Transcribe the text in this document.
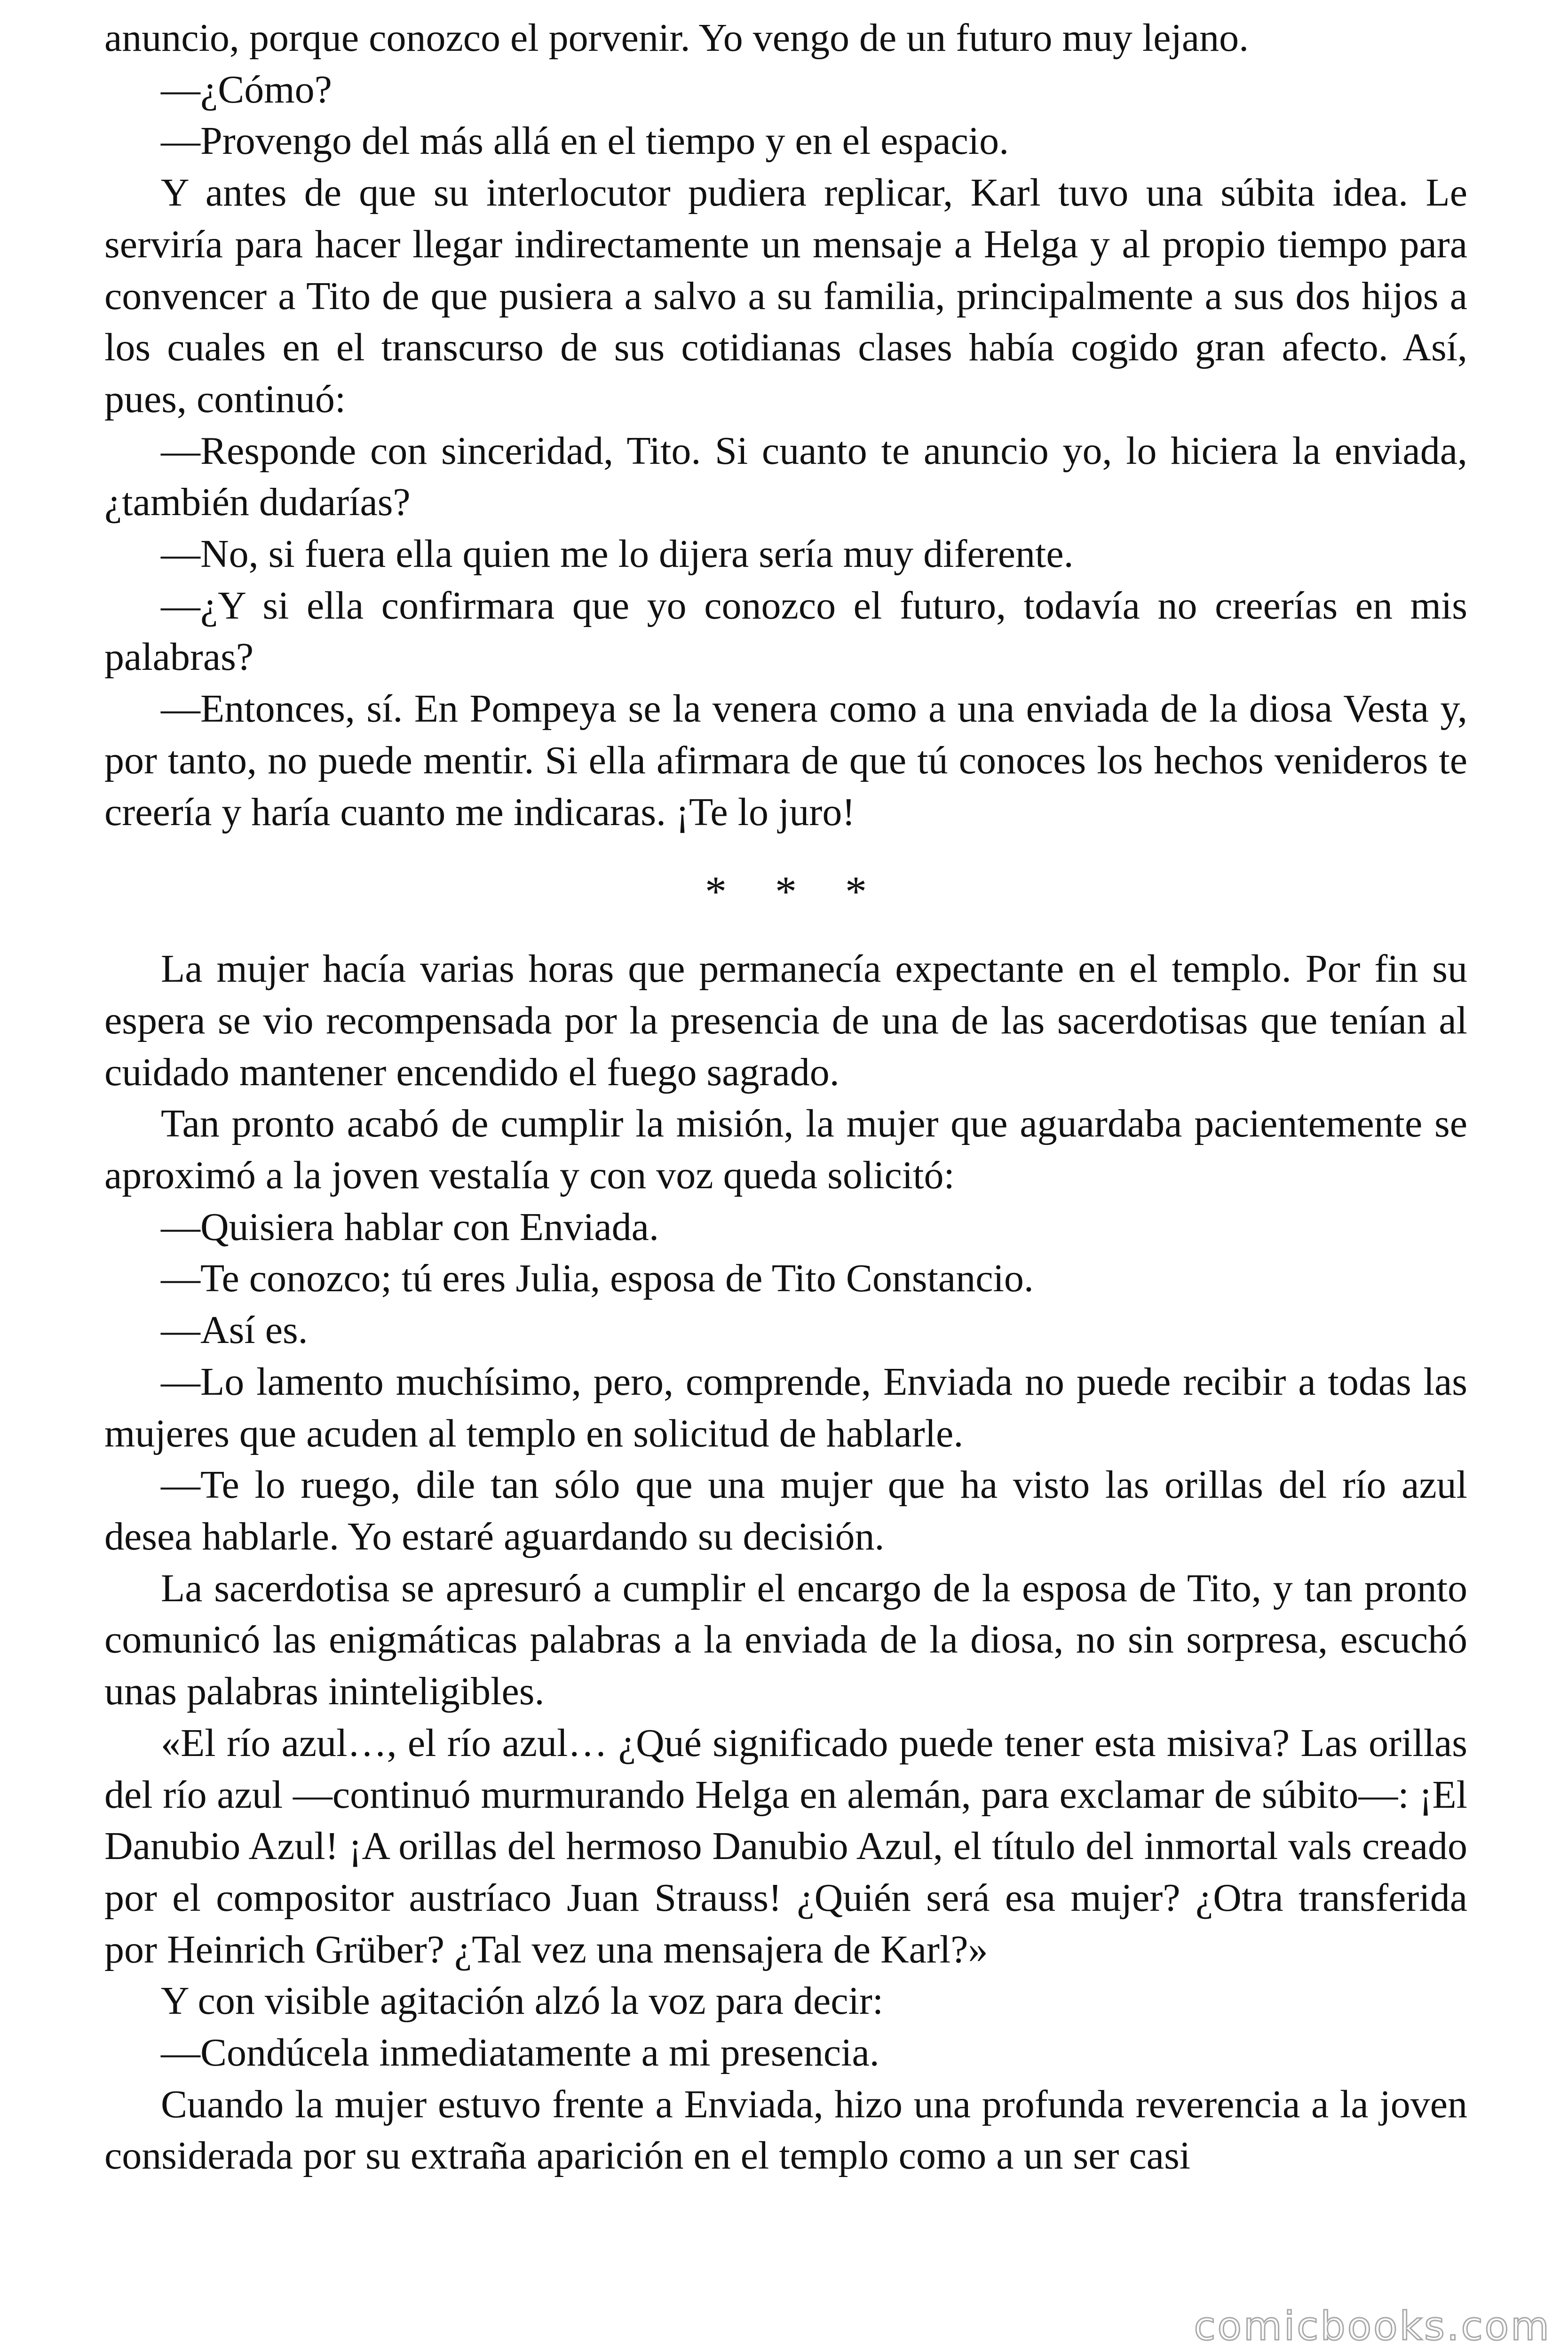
anuncio, porque conozco el porvenir. Yo vengo de un futuro muy lejano.

—¿Cómo?

—Provengo del más allá en el tiempo y en el espacio.

Y antes de que su interlocutor pudiera replicar, Karl tuvo una súbita idea. Le serviría para hacer llegar indirectamente un mensaje a Helga y al propio tiempo para convencer a Tito de que pusiera a salvo a su familia, principalmente a sus dos hijos a los cuales en el transcurso de sus cotidianas clases había cogido gran afecto. Así, pues, continuó:

—Responde con sinceridad, Tito. Si cuanto te anuncio yo, lo hiciera la enviada, ¿también dudarías?

—No, si fuera ella quien me lo dijera sería muy diferente.

—¿Y si ella confirmara que yo conozco el futuro, todavía no creerías en mis palabras?

—Entonces, sí. En Pompeya se la venera como a una enviada de la diosa Vesta y, por tanto, no puede mentir. Si ella afirmara de que tú conoces los hechos venideros te creería y haría cuanto me indicaras. ¡Te lo juro!

* * *

La mujer hacía varias horas que permanecía expectante en el templo. Por fin su espera se vio recompensada por la presencia de una de las sacerdotisas que tenían al cuidado mantener encendido el fuego sagrado.

Tan pronto acabó de cumplir la misión, la mujer que aguardaba pacientemente se aproximó a la joven vestalía y con voz queda solicitó:

—Quisiera hablar con Enviada.

—Te conozco; tú eres Julia, esposa de Tito Constancio.

—Así es.

—Lo lamento muchísimo, pero, comprende, Enviada no puede recibir a todas las mujeres que acuden al templo en solicitud de hablarle.

—Te lo ruego, dile tan sólo que una mujer que ha visto las orillas del río azul desea hablarle. Yo estaré aguardando su decisión.

La sacerdotisa se apresuró a cumplir el encargo de la esposa de Tito, y tan pronto comunicó las enigmáticas palabras a la enviada de la diosa, no sin sorpresa, escuchó unas palabras ininteligibles.

«El río azul…, el río azul… ¿Qué significado puede tener esta misiva? Las orillas del río azul —continuó murmurando Helga en alemán, para exclamar de súbito—: ¡El Danubio Azul! ¡A orillas del hermoso Danubio Azul, el título del inmortal vals creado por el compositor austríaco Juan Strauss! ¿Quién será esa mujer? ¿Otra transferida por Heinrich Grüber? ¿Tal vez una mensajera de Karl?»

Y con visible agitación alzó la voz para decir:

—Condúcela inmediatamente a mi presencia.

Cuando la mujer estuvo frente a Enviada, hizo una profunda reverencia a la joven considerada por su extraña aparición en el templo como a un ser casi

comicbooks.com
